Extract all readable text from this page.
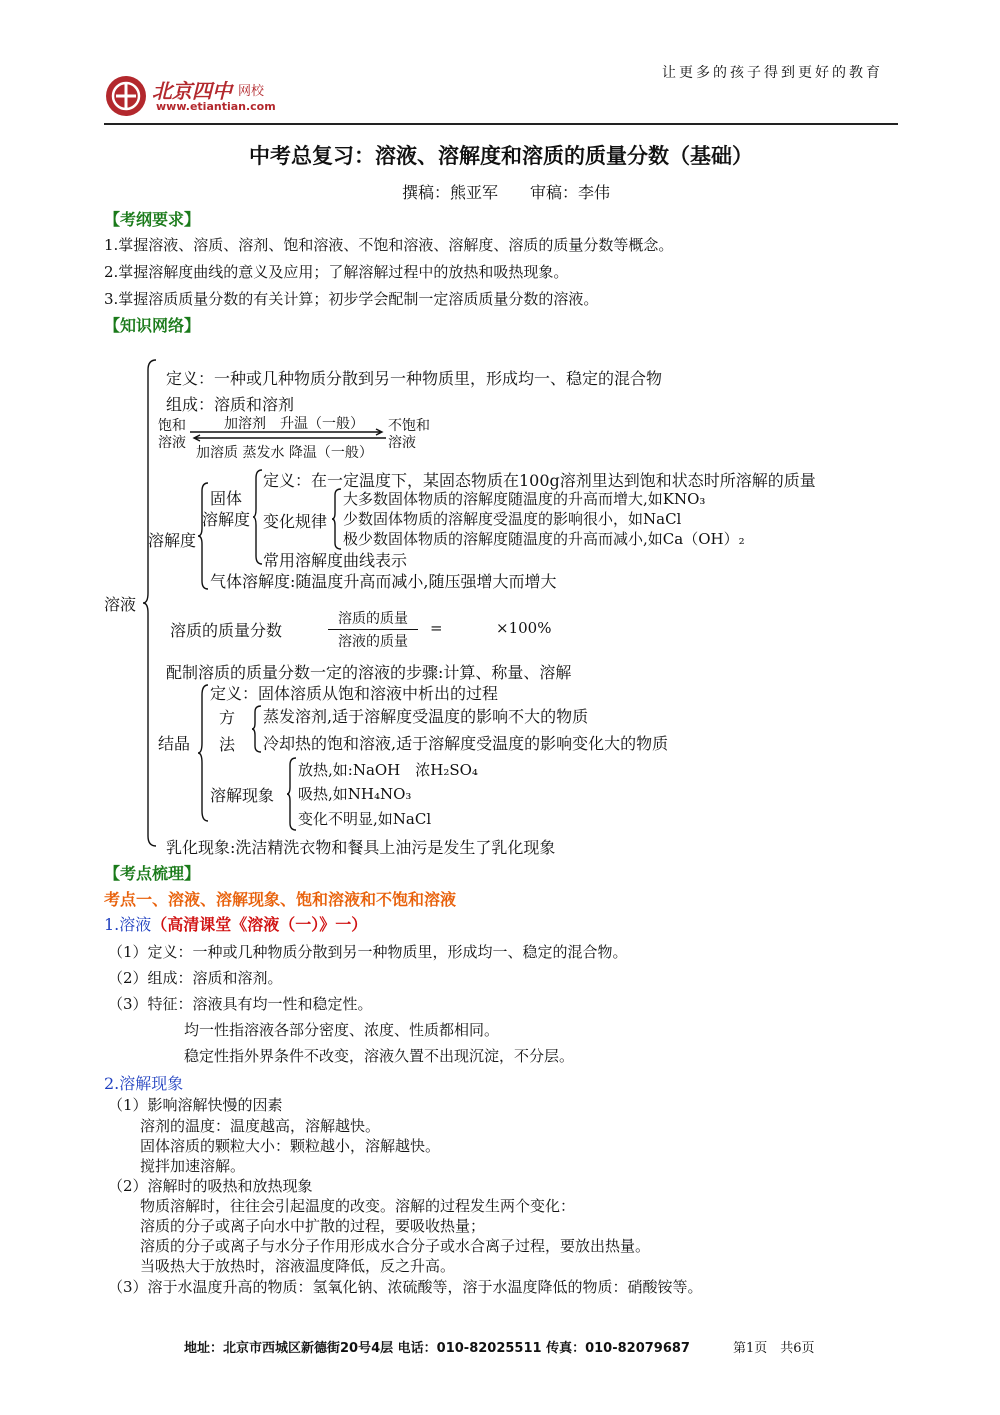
北京四中 网校
www.etiantian.com
让更多的孩子得到更好的教育
中考总复习：溶液、溶解度和溶质的质量分数（基础）
撰稿：熊亚军　　审稿：李伟
【考纲要求】
1.掌握溶液、溶质、溶剂、饱和溶液、不饱和溶液、溶解度、溶质的质量分数等概念。
2.掌握溶解度曲线的意义及应用；了解溶解过程中的放热和吸热现象。
3.掌握溶质质量分数的有关计算；初步学会配制一定溶质质量分数的溶液。
【知识网络】
溶液
定义：一种或几种物质分散到另一种物质里，形成均一、稳定的混合物
组成：溶质和溶剂
饱和
溶液
加溶剂　升温（一般）
加溶质 蒸发水 降温（一般）
不饱和
溶液
溶解度
固体
溶解度
定义：在一定温度下，某固态物质在100g溶剂里达到饱和状态时所溶解的质量
变化规律
大多数固体物质的溶解度随温度的升高而增大,如KNO₃
少数固体物质的溶解度受温度的影响很小，如NaCl
极少数固体物质的溶解度随温度的升高而减小,如Ca（OH）₂
常用溶解度曲线表示
气体溶解度:随温度升高而减小,随压强增大而增大
溶质的质量分数
溶质的质量
溶液的质量
=	×100%
配制溶质的质量分数一定的溶液的步骤:计算、称量、溶解
结晶
定义：固体溶质从饱和溶液中析出的过程
方
法
蒸发溶剂,适于溶解度受温度的影响不大的物质
冷却热的饱和溶液,适于溶解度受温度的影响变化大的物质
溶解现象
放热,如:NaOH　浓H₂SO₄
吸热,如NH₄NO₃
变化不明显,如NaCl
乳化现象:洗洁精洗衣物和餐具上油污是发生了乳化现象
【考点梳理】
考点一、溶液、溶解现象、饱和溶液和不饱和溶液
1.溶液（高清课堂《溶液（一）》一）
（1）定义：一种或几种物质分散到另一种物质里，形成均一、稳定的混合物。
（2）组成：溶质和溶剂。
（3）特征：溶液具有均一性和稳定性。
均一性指溶液各部分密度、浓度、性质都相同。
稳定性指外界条件不改变，溶液久置不出现沉淀，不分层。
2.溶解现象
（1）影响溶解快慢的因素
溶剂的温度：温度越高，溶解越快。
固体溶质的颗粒大小：颗粒越小，溶解越快。
搅拌加速溶解。
（2）溶解时的吸热和放热现象
物质溶解时，往往会引起温度的改变。溶解的过程发生两个变化：
溶质的分子或离子向水中扩散的过程，要吸收热量；
溶质的分子或离子与水分子作用形成水合分子或水合离子过程，要放出热量。
当吸热大于放热时，溶液温度降低，反之升高。
（3）溶于水温度升高的物质：氢氧化钠、浓硫酸等，溶于水温度降低的物质：硝酸铵等。
地址：北京市西城区新德街20号4层 电话：010-82025511 传真：010-82079687	第1页　共6页
